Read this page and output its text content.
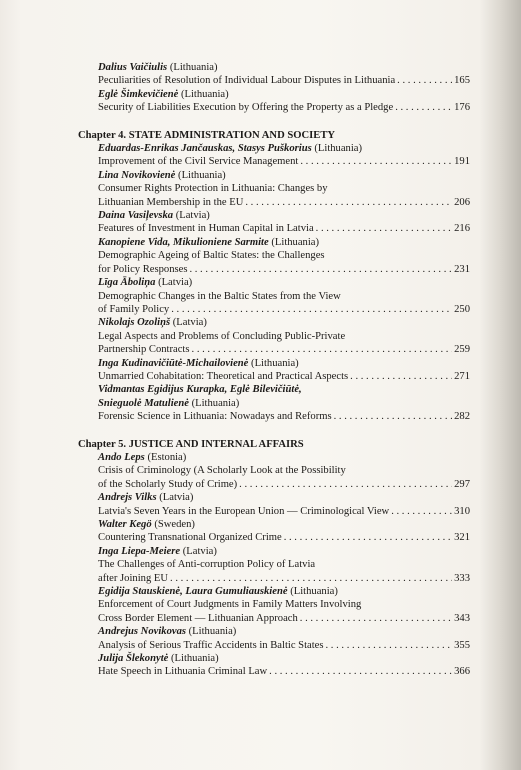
Dalius Vaičiulis (Lithuania)
Peculiarities of Resolution of Individual Labour Disputes in Lithuania . . .	165
Eglė Šimkevičienė (Lithuania)
Security of Liabilities Execution by Offering the Property as a Pledge . . .	176
Chapter 4. STATE ADMINISTRATION AND SOCIETY
Eduardas-Enrikas Jančauskas, Stasys Puškorius (Lithuania)
Improvement of the Civil Service Management . . .	191
Lina Novikovienė (Lithuania)
Consumer Rights Protection in Lithuania: Changes by
Lithuanian Membership in the EU . . .	206
Daina Vasiļevska (Latvia)
Features of Investment in Human Capital in Latvia . . .	216
Kanopiene Vida, Mikulioniene Sarmite (Lithuania)
Demographic Ageing of Baltic States: the Challenges
for Policy Responses . . .	231
Līga Āboliņa (Latvia)
Demographic Changes in the Baltic States from the View
of Family Policy . . .	250
Nikolajs Ozoliņš (Latvia)
Legal Aspects and Problems of Concluding Public-Private
Partnership Contracts . . .	259
Inga Kudinavičiūtė-Michailovienė (Lithuania)
Unmarried Cohabitation: Theoretical and Practical Aspects . . .	271
Vidmantas Egidijus Kurapka, Eglė Bilevičiūtė,
Snieguolė Matulienė (Lithuania)
Forensic Science in Lithuania: Nowadays and Reforms . . .	282
Chapter 5. JUSTICE AND INTERNAL AFFAIRS
Ando Leps (Estonia)
Crisis of Criminology (A Scholarly Look at the Possibility
of the Scholarly Study of Crime) . . .	297
Andrejs Vilks (Latvia)
Latvia's Seven Years in the European Union — Criminological View . . .	310
Walter Kegö (Sweden)
Countering Transnational Organized Crime . . .	321
Inga Liepa-Meiere (Latvia)
The Challenges of Anti-corruption Policy of Latvia
after Joining EU . . .	333
Egidija Stauskienė, Laura Gumuliauskienė (Lithuania)
Enforcement of Court Judgments in Family Matters Involving
Cross Border Element — Lithuanian Approach . . .	343
Andrejus Novikovas (Lithuania)
Analysis of Serious Traffic Accidents in Baltic States . . .	355
Julija Šlekonytė (Lithuania)
Hate Speech in Lithuania Criminal Law . . .	366
